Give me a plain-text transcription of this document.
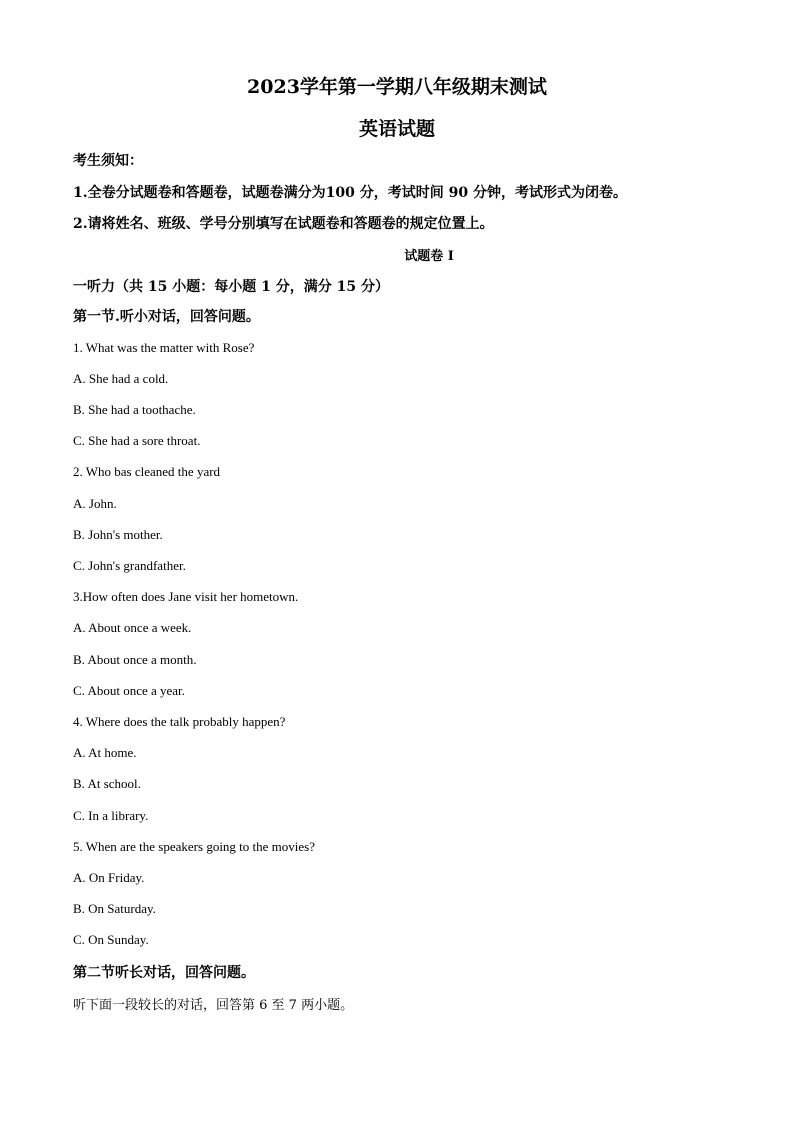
2023学年第一学期八年级期末测试
英语试题
考生须知：
1.全卷分试题卷和答题卷，试题卷满分为100 分，考试时间 90 分钟，考试形式为闭卷。
2.请将姓名、班级、学号分别填写在试题卷和答题卷的规定位置上。
试题卷 I
一听力（共 15 小题：每小题 1 分，满分 15 分）
第一节.听小对话，回答问题。
1. What was the matter with Rose?
A. She had a cold.
B. She had a toothache.
C. She had a sore throat.
2. Who bas cleaned the yard
A. John.
B. John's mother.
C. John's grandfather.
3.How often does Jane visit her hometown.
A. About once a week.
B. About once a month.
C. About once a year.
4. Where does the talk probably happen?
A. At home.
B. At school.
C. In a library.
5. When are the speakers going to the movies?
A. On Friday.
B. On Saturday.
C. On Sunday.
第二节听长对话，回答问题。
听下面一段较长的对话，回答第 6 至 7 两小题。
